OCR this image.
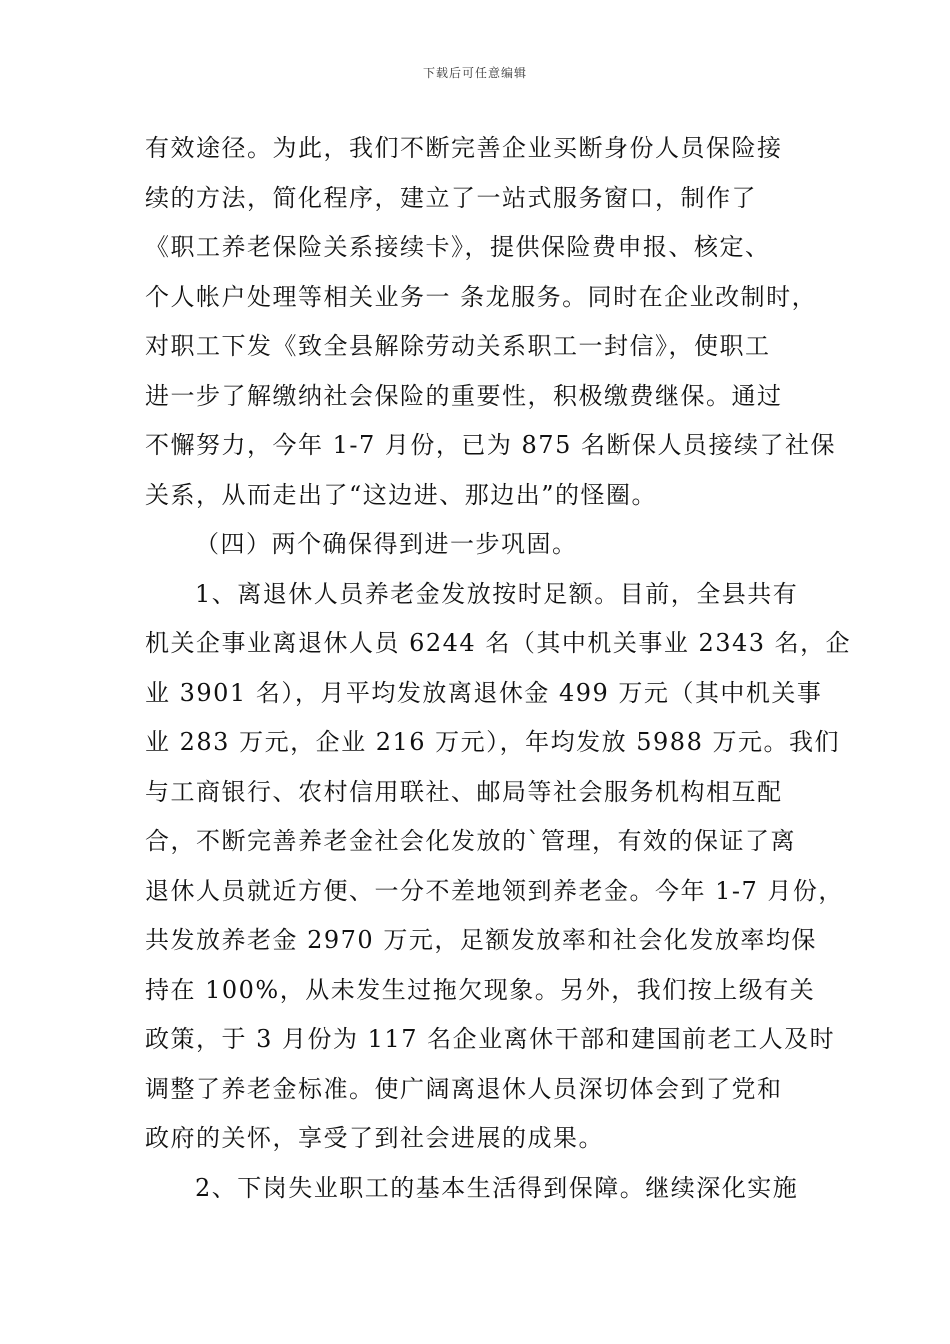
下载后可任意编辑
有效途径。为此，我们不断完善企业买断身份人员保险接
续的方法，简化程序，建立了一站式服务窗口，制作了
《职工养老保险关系接续卡》，提供保险费申报、核定、
个人帐户处理等相关业务一 条龙服务。同时在企业改制时，
对职工下发《致全县解除劳动关系职工一封信》，使职工
进一步了解缴纳社会保险的重要性，积极缴费继保。通过
不懈努力，今年 1-7 月份，已为 875 名断保人员接续了社保
关系，从而走出了“这边进、那边出”的怪圈。
（四）两个确保得到进一步巩固。
1、离退休人员养老金发放按时足额。目前，全县共有
机关企事业离退休人员 6244 名（其中机关事业 2343 名，企
业 3901 名），月平均发放离退休金 499 万元（其中机关事
业 283 万元，企业 216 万元），年均发放 5988 万元。我们
与工商银行、农村信用联社、邮局等社会服务机构相互配
合，不断完善养老金社会化发放的`管理，有效的保证了离
退休人员就近方便、一分不差地领到养老金。今年 1-7 月份，
共发放养老金 2970 万元，足额发放率和社会化发放率均保
持在 100%，从未发生过拖欠现象。另外，我们按上级有关
政策，于 3 月份为 117 名企业离休干部和建国前老工人及时
调整了养老金标准。使广阔离退休人员深切体会到了党和
政府的关怀，享受了到社会进展的成果。
2、下岗失业职工的基本生活得到保障。继续深化实施
